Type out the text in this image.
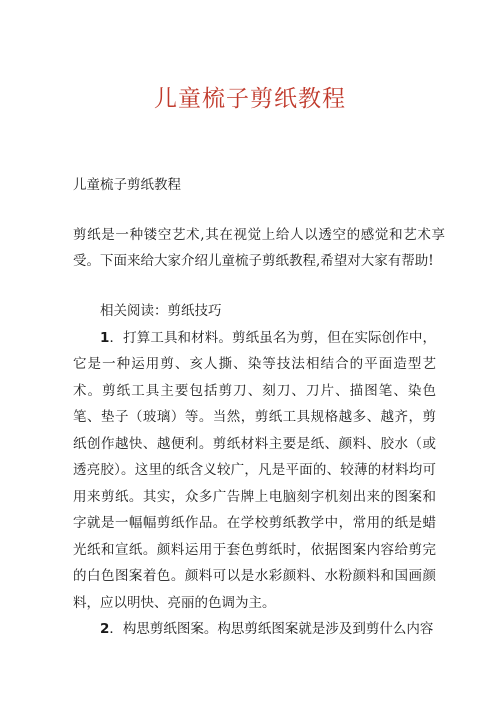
儿童梳子剪纸教程

儿童梳子剪纸教程

剪纸是一种镂空艺术,其在视觉上给人以透空的感觉和艺术享受。下面来给大家介绍儿童梳子剪纸教程,希望对大家有帮助!

相关阅读：剪纸技巧

1．打算工具和材料。剪纸虽名为剪，但在实际创作中，它是一种运用剪、亥人撕、染等技法相结合的平面造型艺术。剪纸工具主要包括剪刀、刻刀、刀片、描图笔、染色笔、垫子（玻璃）等。当然，剪纸工具规格越多、越齐，剪纸创作越快、越便利。剪纸材料主要是纸、颜料、胶水（或透亮胶）。这里的纸含义较广，凡是平面的、较薄的材料均可用来剪纸。其实，众多广告牌上电脑刻字机刻出来的图案和字就是一幅幅剪纸作品。在学校剪纸教学中，常用的纸是蜡光纸和宣纸。颜料运用于套色剪纸时，依据图案内容给剪完的白色图案着色。颜料可以是水彩颜料、水粉颜料和国画颜料，应以明快、亮丽的色调为主。

2．构思剪纸图案。构思剪纸图案就是涉及到剪什么内容
